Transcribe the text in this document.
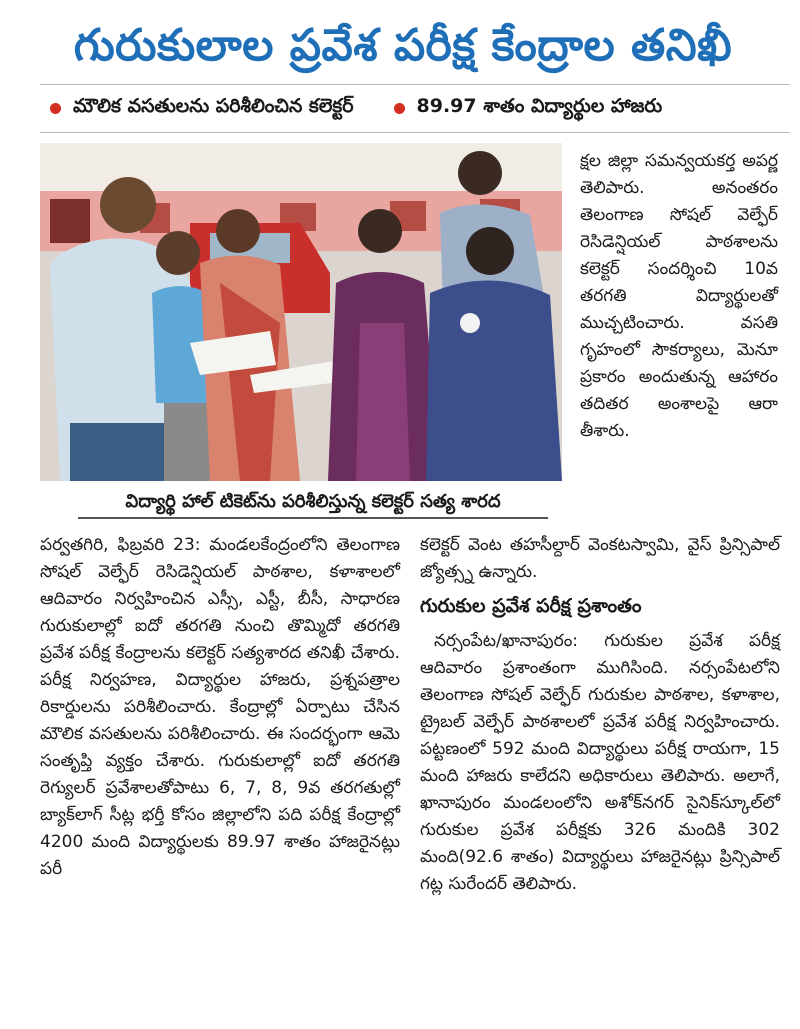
గురుకులాల ప్రవేశ పరీక్ష కేంద్రాల తనిఖీ
మౌలిక వసతులను పరిశీలించిన కలెక్టర్	89.97 శాతం విద్యార్థుల హాజరు
విద్యార్థి హాల్ టికెట్‌ను పరిశీలిస్తున్న కలెక్టర్ సత్య శారద

క్షల జిల్లా సమన్వయకర్త అపర్ణ తెలిపారు. అనంతరం తెలంగాణ సోషల్ వెల్ఫేర్ రెసిడెన్షియల్ పాఠశాలను కలెక్టర్ సందర్శించి 10వ తరగతి విద్యార్థులతో ముచ్చటించారు. వసతి గృహంలో సౌకర్యాలు, మెనూ ప్రకారం అందుతున్న ఆహారం తదితర అంశాలపై ఆరా తీశారు.

పర్వతగిరి, ఫిబ్రవరి 23: మండలకేంద్రంలోని తెలంగాణ సోషల్ వెల్ఫేర్ రెసిడెన్షియల్ పాఠశాల, కళాశాలలో ఆదివారం నిర్వహించిన ఎస్సీ, ఎస్టీ, బీసీ, సాధారణ గురుకులాల్లో ఐదో తరగతి నుంచి తొమ్మిదో తరగతి ప్రవేశ పరీక్ష కేంద్రాలను కలెక్టర్ సత్యశారద తనిఖీ చేశారు. పరీక్ష నిర్వహణ, విద్యార్థుల హాజరు, ప్రశ్నపత్రాల రికార్డులను పరిశీలించారు. కేంద్రాల్లో ఏర్పాటు చేసిన మౌలిక వసతులను పరిశీలించారు. ఈ సందర్భంగా ఆమె సంతృప్తి వ్యక్తం చేశారు. గురుకులాల్లో ఐదో తరగతి రెగ్యులర్ ప్రవేశాలతోపాటు 6, 7, 8, 9వ తరగతుల్లో బ్యాక్‌లాగ్ సీట్ల భర్తీ కోసం జిల్లాలోని పది పరీక్ష కేంద్రాల్లో 4200 మంది విద్యార్థులకు 89.97 శాతం హాజరైనట్లు పరీ

కలెక్టర్ వెంట తహసీల్దార్ వెంకటస్వామి, వైస్ ప్రిన్సిపాల్ జ్యోత్స్న ఉన్నారు.

గురుకుల ప్రవేశ పరీక్ష ప్రశాంతం

నర్సంపేట/ఖానాపురం: గురుకుల ప్రవేశ పరీక్ష ఆదివారం ప్రశాంతంగా ముగిసింది. నర్సంపేటలోని తెలంగాణ సోషల్ వెల్ఫేర్ గురుకుల పాఠశాల, కళాశాల, ట్రైబల్ వెల్ఫేర్ పాఠశాలలో ప్రవేశ పరీక్ష నిర్వహించారు. పట్టణంలో 592 మంది విద్యార్థులు పరీక్ష రాయగా, 15 మంది హాజరు కాలేదని అధికారులు తెలిపారు. అలాగే, ఖానాపురం మండలంలోని అశోక్‌నగర్ సైనిక్‌స్కూల్‌లో గురుకుల ప్రవేశ పరీక్షకు 326 మందికి 302 మంది(92.6 శాతం) విద్యార్థులు హాజరైనట్లు ప్రిన్సిపాల్ గట్ల సురేందర్ తెలిపారు.
